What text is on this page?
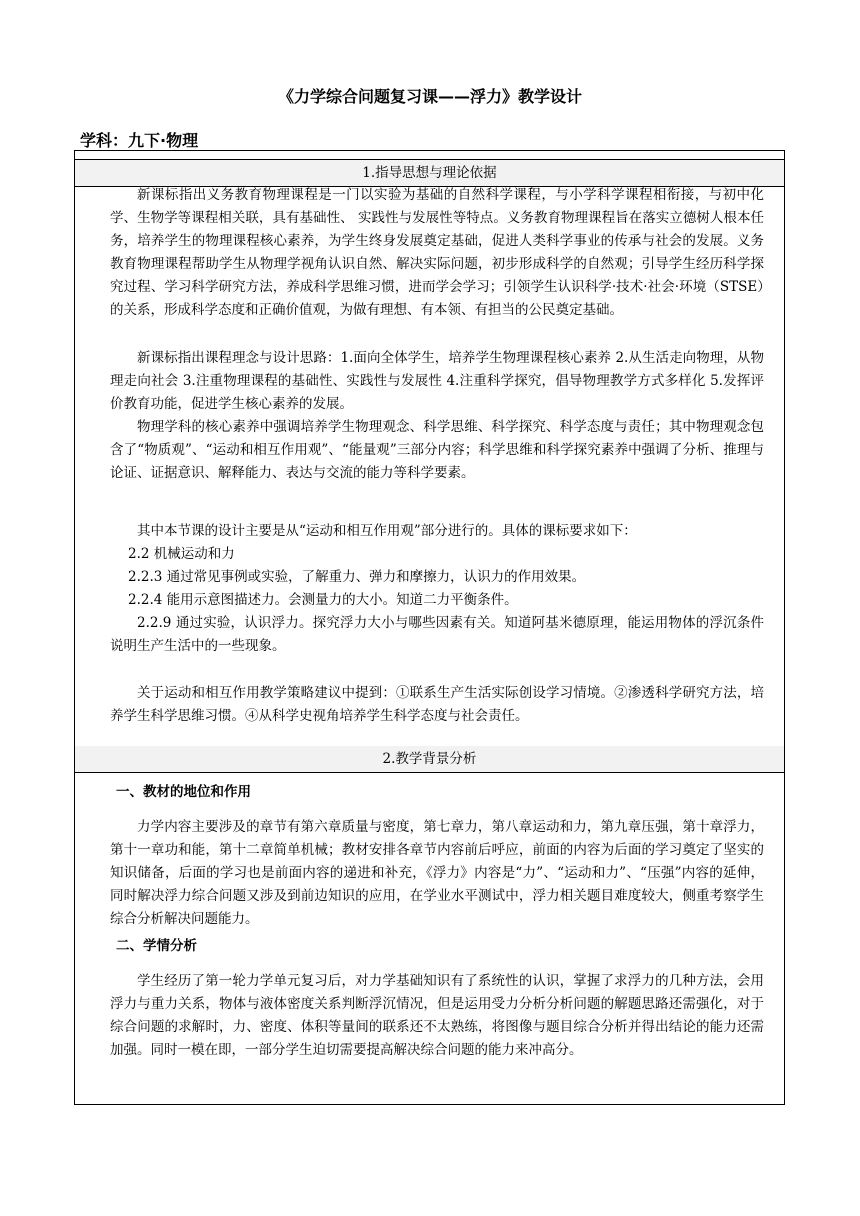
《力学综合问题复习课——浮力》教学设计
学科：九下·物理
1.指导思想与理论依据
新课标指出义务教育物理课程是一门以实验为基础的自然科学课程，与小学科学课程相衔接，与初中化学、生物学等课程相关联，具有基础性、 实践性与发展性等特点。义务教育物理课程旨在落实立德树人根本任务，培养学生的物理课程核心素养，为学生终身发展奠定基础，促进人类科学事业的传承与社会的发展。义务教育物理课程帮助学生从物理学视角认识自然、解决实际问题，初步形成科学的自然观；引导学生经历科学探究过程、学习科学研究方法，养成科学思维习惯，进而学会学习；引领学生认识科学·技术·社会·环境（STSE）的关系，形成科学态度和正确价值观，为做有理想、有本领、有担当的公民奠定基础。
新课标指出课程理念与设计思路：1.面向全体学生，培养学生物理课程核心素养 2.从生活走向物理，从物理走向社会 3.注重物理课程的基础性、实践性与发展性 4.注重科学探究，倡导物理教学方式多样化 5.发挥评价教育功能，促进学生核心素养的发展。
物理学科的核心素养中强调培养学生物理观念、科学思维、科学探究、科学态度与责任；其中物理观念包含了“物质观”、“运动和相互作用观”、“能量观”三部分内容；科学思维和科学探究素养中强调了分析、推理与论证、证据意识、解释能力、表达与交流的能力等科学要素。
其中本节课的设计主要是从“运动和相互作用观”部分进行的。具体的课标要求如下：
2.2 机械运动和力
2.2.3 通过常见事例或实验，了解重力、弹力和摩擦力，认识力的作用效果。
2.2.4 能用示意图描述力。会测量力的大小。知道二力平衡条件。
2.2.9 通过实验，认识浮力。探究浮力大小与哪些因素有关。知道阿基米德原理，能运用物体的浮沉条件说明生产生活中的一些现象。
关于运动和相互作用教学策略建议中提到：①联系生产生活实际创设学习情境。②渗透科学研究方法，培养学生科学思维习惯。④从科学史视角培养学生科学态度与社会责任。
2.教学背景分析
一、教材的地位和作用
力学内容主要涉及的章节有第六章质量与密度，第七章力，第八章运动和力，第九章压强，第十章浮力，第十一章功和能，第十二章简单机械；教材安排各章节内容前后呼应，前面的内容为后面的学习奠定了坚实的知识储备，后面的学习也是前面内容的递进和补充，《浮力》内容是“力”、“运动和力”、“压强”内容的延伸，同时解决浮力综合问题又涉及到前边知识的应用，在学业水平测试中，浮力相关题目难度较大，侧重考察学生综合分析解决问题能力。
二、学情分析
学生经历了第一轮力学单元复习后，对力学基础知识有了系统性的认识，掌握了求浮力的几种方法，会用浮力与重力关系，物体与液体密度关系判断浮沉情况，但是运用受力分析分析问题的解题思路还需强化，对于综合问题的求解时，力、密度、体积等量间的联系还不太熟练，将图像与题目综合分析并得出结论的能力还需加强。同时一模在即，一部分学生迫切需要提高解决综合问题的能力来冲高分。
